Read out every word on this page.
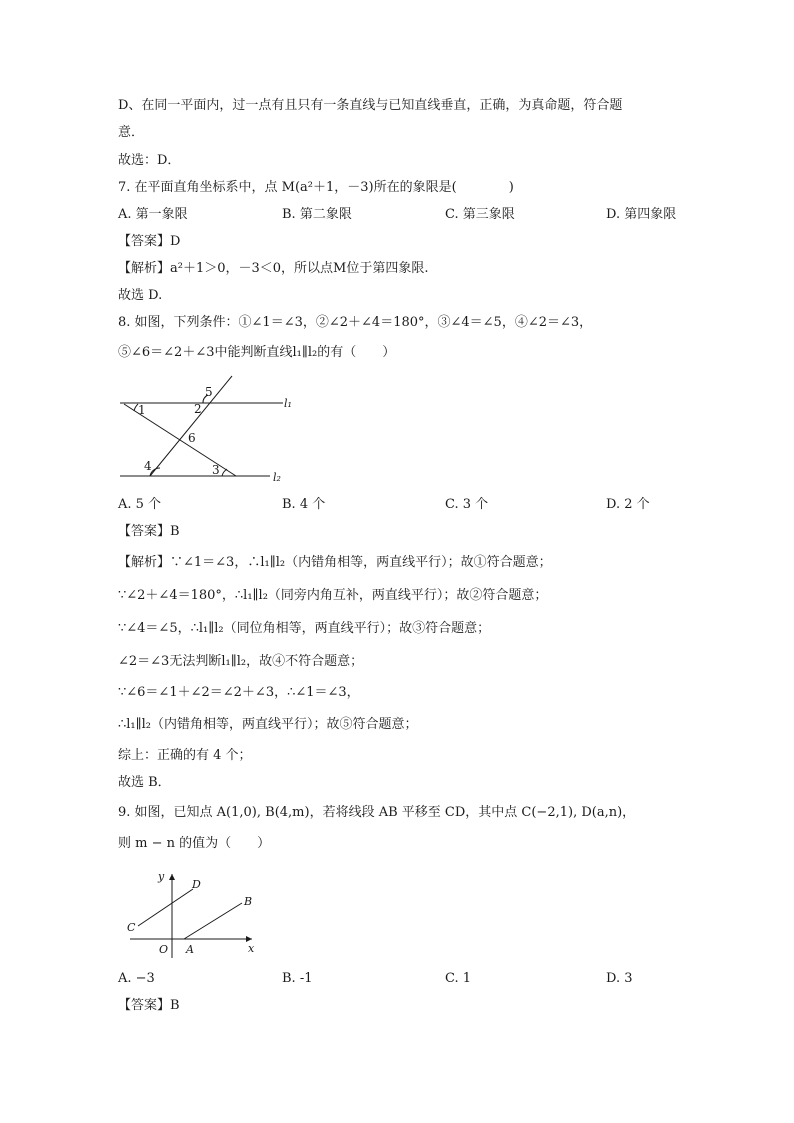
D、在同一平面内，过一点有且只有一条直线与已知直线垂直，正确，为真命题，符合题
意．
故选：D．
7. 在平面直角坐标系中，点 M(a²＋1，－3)所在的象限是(　　　　)
A. 第一象限	B. 第二象限	C. 第三象限	D. 第四象限
【答案】D
【解析】a²＋1＞0，－3＜0，所以点M位于第四象限.
故选 D.
8. 如图，下列条件：①∠1＝∠3，②∠2＋∠4＝180°，③∠4＝∠5，④∠2＝∠3，
⑤∠6＝∠2＋∠3中能判断直线l₁∥l₂的有（　　）
1	2
3
4
5
6
l₁
l₂
A. 5 个	B. 4 个	C. 3 个	D. 2 个
【答案】B
【解析】∵∠1＝∠3，∴l₁∥l₂（内错角相等，两直线平行）；故①符合题意；
∵∠2＋∠4＝180°，∴l₁∥l₂（同旁内角互补，两直线平行）；故②符合题意；
∵∠4＝∠5，∴l₁∥l₂（同位角相等，两直线平行）；故③符合题意；
∠2＝∠3无法判断l₁∥l₂，故④不符合题意；
∵∠6＝∠1＋∠2＝∠2＋∠3，∴∠1＝∠3，
∴l₁∥l₂（内错角相等，两直线平行）；故⑤符合题意；
综上：正确的有 4 个；
故选 B．
9. 如图，已知点 A(1,0), B(4,m)，若将线段 AB 平移至 CD，其中点 C(−2,1), D(a,n)，
则 m − n 的值为（　　）
y
x
O A
B
C
D
A. −3	B. -1	C. 1	D. 3
【答案】B
